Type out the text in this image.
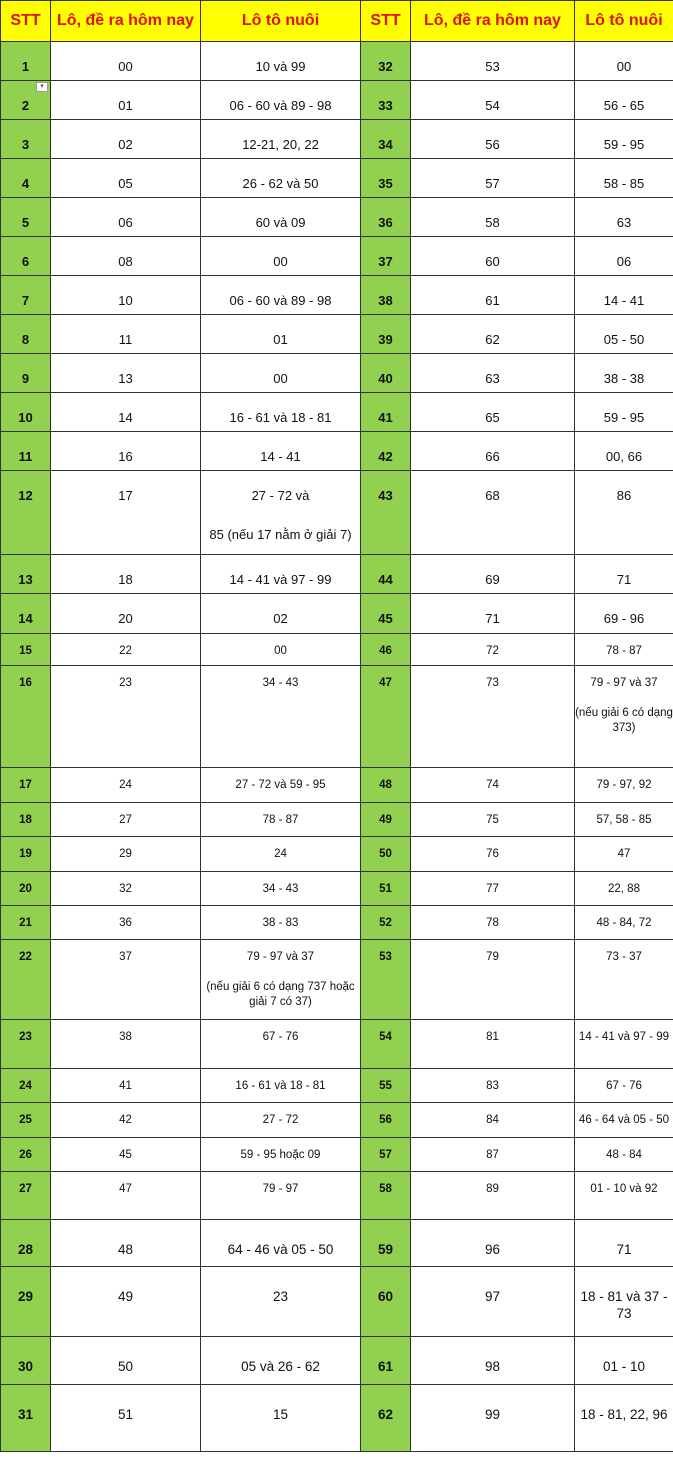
STT	Lô, đề ra hôm nay	Lô tô nuôi	STT	Lô, đề ra hôm nay	Lô tô nuôi

1	00	10 và 99	32	53	00

2	01	06 - 60 và 89 - 98	33	54	56 - 65

3	02	12-21, 20, 22	34	56	59 - 95

4	05	26 - 62 và 50	35	57	58 - 85

5	06	60 và 09	36	58	63

6	08	00	37	60	06

7	10	06 - 60 và 89 - 98	38	61	14 - 41

8	11	01	39	62	05 - 50

9	13	00	40	63	38 - 38

10	14	16 - 61 và 18 - 81	41	65	59 - 95

11	16	14 - 41	42	66	00, 66

12	17	27 - 72 và
85 (nếu 17 nằm ở giải 7)	43	68	86

13	18	14 - 41 và 97 - 99	44	69	71

14	20	02	45	71	69 - 96

15	22	00	46	72	78 - 87

16	23	34 - 43	47	73	79 - 97 và 37
(nếu giải 6 có dạng 373)

17	24	27 - 72 và 59 - 95	48	74	79 - 97, 92

18	27	78 - 87	49	75	57, 58 - 85

19	29	24	50	76	47

20	32	34 - 43	51	77	22, 88

21	36	38 - 83	52	78	48 - 84, 72

22	37	79 - 97 và 37
(nếu giải 6 có dạng 737 hoặc giải 7 có 37)	53	79	73 - 37

23	38	67 - 76	54	81	14 - 41 và 97 - 99

24	41	16 - 61 và 18 - 81	55	83	67 - 76

25	42	27 - 72	56	84	46 - 64 và 05 - 50

26	45	59 - 95 hoặc 09	57	87	48 - 84

27	47	79 - 97	58	89	01 - 10 và 92

28	48	64 - 46 và 05 - 50	59	96	71

29	49	23	60	97	18 - 81 và 37 - 73

30	50	05 và 26 - 62	61	98	01 - 10

31	51	15	62	99	18 - 81, 22, 96
▾
